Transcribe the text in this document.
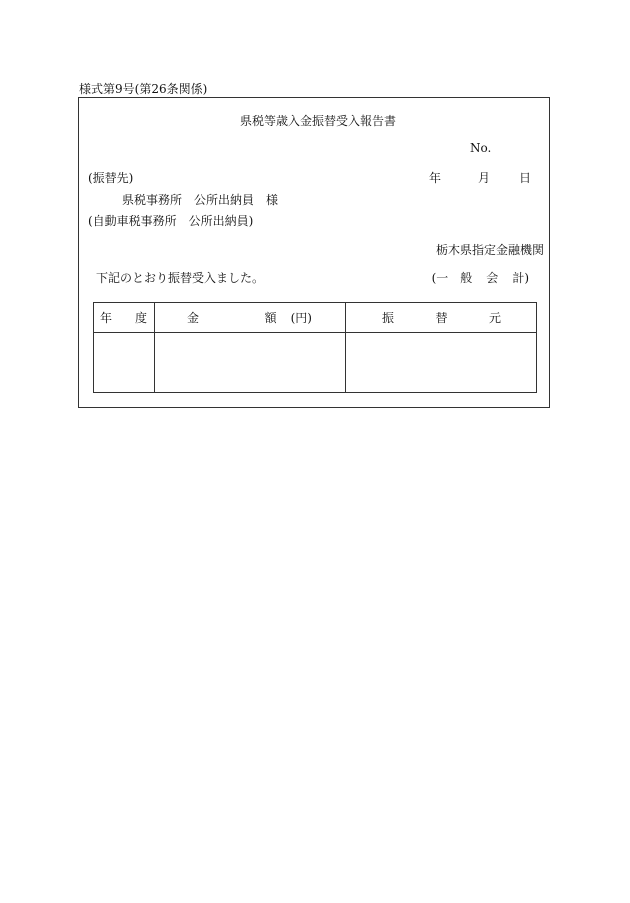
様式第9号(第26条関係)
県税等歳入金振替受入報告書
No.
(振替先)	年	月 日
県税事務所　公所出納員　様
(自動車税事務所　公所出納員)
栃木県指定金融機関
下記のとおり振替受入ました。	(一 般 会 計)
年 度	金 額 (円)	振 替 元
